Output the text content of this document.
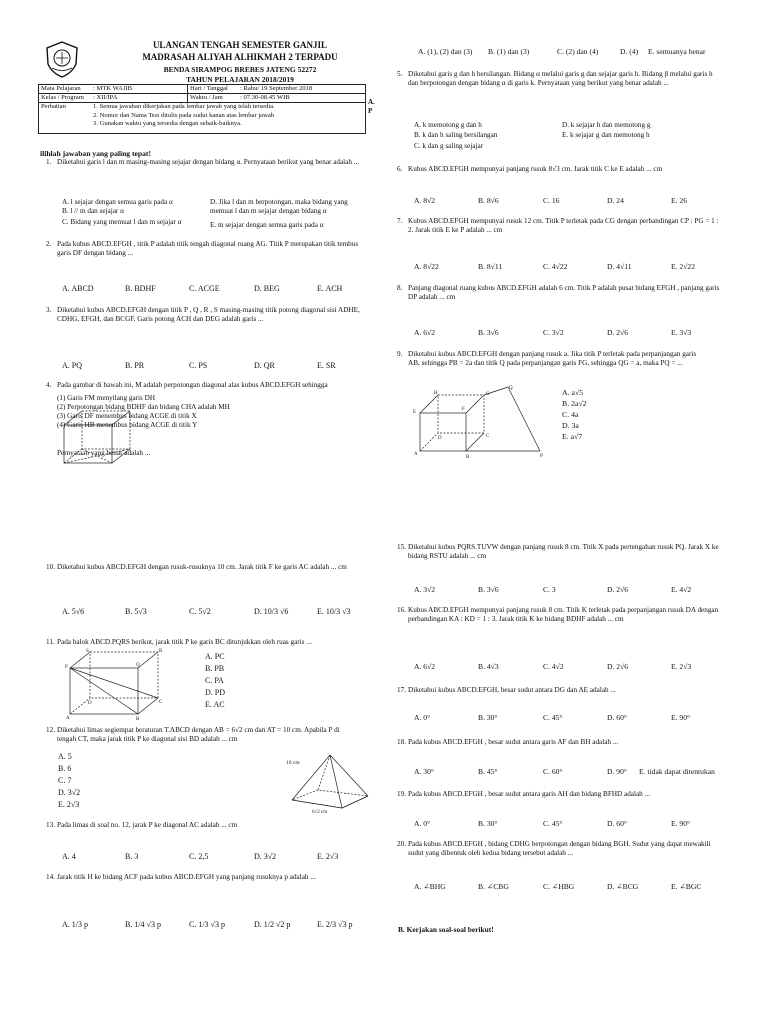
ULANGAN TENGAH SEMESTER GANJIL
MADRASAH ALIYAH ALHIKMAH 2 TERPADU
BENDA SIRAMPOG BREBES JATENG 52272
TAHUN PELAJARAN 2018/2019
Mata Pelajaran	: MTK WAJIB	Hari / Tanggal	: Rabu/ 19 September 2018
Kelas / Program	: XII/IPA	Waktu / Jam	: 07.30-08.45 WIB
Perhatian	1. Semua jawaban dikerjakan pada lembar jawab yang telah tersedia.
2. Nomor dan Nama Test ditulis pada sudut kanan atas lembar jawab
3. Gunakan waktu yang tersedia dengan sebaik-baiknya.		
A.
P
ilihlah jawaban yang paling tepat!
1. Diketahui garis l dan m masing-masing sejajar dengan bidang α. Pernyataan berikut yang benar adalah ...
A. l sejajar dengan semua garis pada α
B. l // m dan sejajar α
C. Bidang yang memuat l dan m sejajar α
D. Jika l dan m berpotongan, maka bidang yang memuat l dan m sejajar dengan bidang α
E. m sejajar dengan semua garis pada α
2. Pada kubus ABCD.EFGH , titik P adalah titik tengah diagonal ruang AG. Titik P merupakan titik tembus garis DF dengan bidang ...
A. ABCD	B. BDHF	C. ACGE	D. BEG	E. ACH
3. Diketahui kubus ABCD.EFGH dengan titik P , Q , R , S masing-masing titik potong diagonal sisi ADHE, CDHG, EFGH, dan BCGF. Garis potong ACH dan DEG adalah garis ...
A. PQ	B. PR	C. PS	D. QR	E. SR
4. Pada gambar di bawah ini, M adalah perpotongan diagonal alas kubus ABCD.EFGH sehingga
(1) Garis FM menyilang garis DH
(2) Perpotongan bidang BDHF dan bidang CHA adalah MH
(3) Garis DF menembus bidang ACGE di titik X
(4) Garis HB menembus bidang ACGE di titik Y
Pernyataan yang benar adalah ...
10. Diketahui kubus ABCD.EFGH dengan rusuk-rusuknya 10 cm. Jarak titik F ke garis AC adalah ... cm
A. 5√6	B. 5√3	C. 5√2	D. 10/3 √6	E. 10/3 √3
11. Pada balok ABCD.PQRS berikut, jarak titik P ke garis BC ditunjukkan oleh ruas garis ...
A. PC
B. PB
C. PA
D. PD
E. AC
12. Diketahui limas segiempat beraturan T.ABCD dengan AB = 6√2 cm dan AT = 10 cm. Apabila P di tengah CT, maka jarak titik P ke diagonal sisi BD adalah ... cm
A. 5
B. 6
C. 7
D. 3√2
E. 2√3
13. Pada limas di soal no. 12, jarak P ke diagonal AC adalah ... cm
A. 4	B. 3	C. 2,5	D. 3√2	E. 2√3
14. Jarak titik H ke bidang ACF pada kubus ABCD.EFGH yang panjang rusuknya p adalah ...
A. 1/3 p	B. 1/4 √3 p	C. 1/3 √3 p	D. 1/2 √2 p	E. 2/3 √3 p
A. (1), (2) dan (3) B. (1) dan (3)	C. (2) dan (4)	D. (4) E. semuanya benar
5. Diketahui garis g dan h bersilangan. Bidang α melalui garis g dan sejajar garis h. Bidang β melalui garis h dan berpotongan dengan bidang α di garis k. Pernyataan yang berikut yang benar adalah ...
A. k memotong g dan h
B. k dan h saling bersilangan
C. k dan g saling sejajar
D. k sejajar h dan memotong g
E. k sejajar g dan memotong h
6. Kubus ABCD.EFGH mempunyai panjang rusuk 8√3 cm. Jarak titik C ke E adalah ... cm
A. 8√2	B. 8√6	C. 16	D. 24	E. 26
7. Kubus ABCD.EFGH mempunyai rusuk 12 cm. Titik P terletak pada CG dengan perbandingan CP : PG = 1 : 2. Jarak titik E ke P adalah ... cm
A. 8√22	B. 8√11	C. 4√22	D. 4√11	E. 2√22
8. Panjang diagonal ruang kubus ABCD.EFGH adalah 6 cm. Titik P adalah pusat bidang EFGH , panjang garis DP adalah ... cm
A. 6√2	B. 3√6	C. 3√2	D. 2√6	E. 3√3
9. Diketahui kubus ABCD.EFGH dengan panjang rusuk a. Jika titik P terletak pada perpanjangan garis AB, sehingga PB = 2a dan titik Q pada perpanjangan garis FG, sehingga QG = a, maka PQ = ...
A. a√5
B. 2a√2
C. 4a
D. 3a
E. a√7
15. Diketahui kubus PQRS.TUVW dengan panjang rusuk 8 cm. Titik X pada pertengahan rusuk PQ. Jarak X ke bidang RSTU adalah ... cm
A. 3√2	B. 3√6	C. 3	D. 2√6	E. 4√2
16. Kubus ABCD.EFGH mempunyai panjang rusuk 8 cm. Titik K terletak pada perpanjangan rusuk DA dengan perbandingan KA : KD = 1 : 3. Jarak titik K ke bidang BDHF adalah ... cm
A. 6√2	B. 4√3	C. 4√2	D. 2√6	E. 2√3
17. Diketahui kubus ABCD.EFGH, besar sudut antara DG dan AE adalah ...
A. 0°	B. 30°	C. 45°	D. 60°	E. 90°
18. Pada kubus ABCD.EFGH , besar sudut antara garis AF dan BH adalah ...
A. 30°	B. 45°	C. 60°	D. 90° E. tidak dapat ditentukan
19. Pada kubus ABCD.EFGH , besar sudut antara garis AH dan bidang BFHD adalah ...
A. 0°	B. 30°	C. 45°	D. 60°	E. 90°
20. Pada kubus ABCD.EFGH , bidang CDHG berpotongan dengan bidang BGH. Sudut yang dapat mewakili sudut yang dibentuk oleh kedua bidang tersebut adalah ...
A. ∠BHG	B. ∠CBG	C. ∠HBG	D. ∠BCG	E. ∠BGC
A
B
C
D
E
F
G
H
Q
P
A	B
C
D
P	Q
R
S
10 cm
6√2 cm
B. Kerjakan soal-soal berikut!
